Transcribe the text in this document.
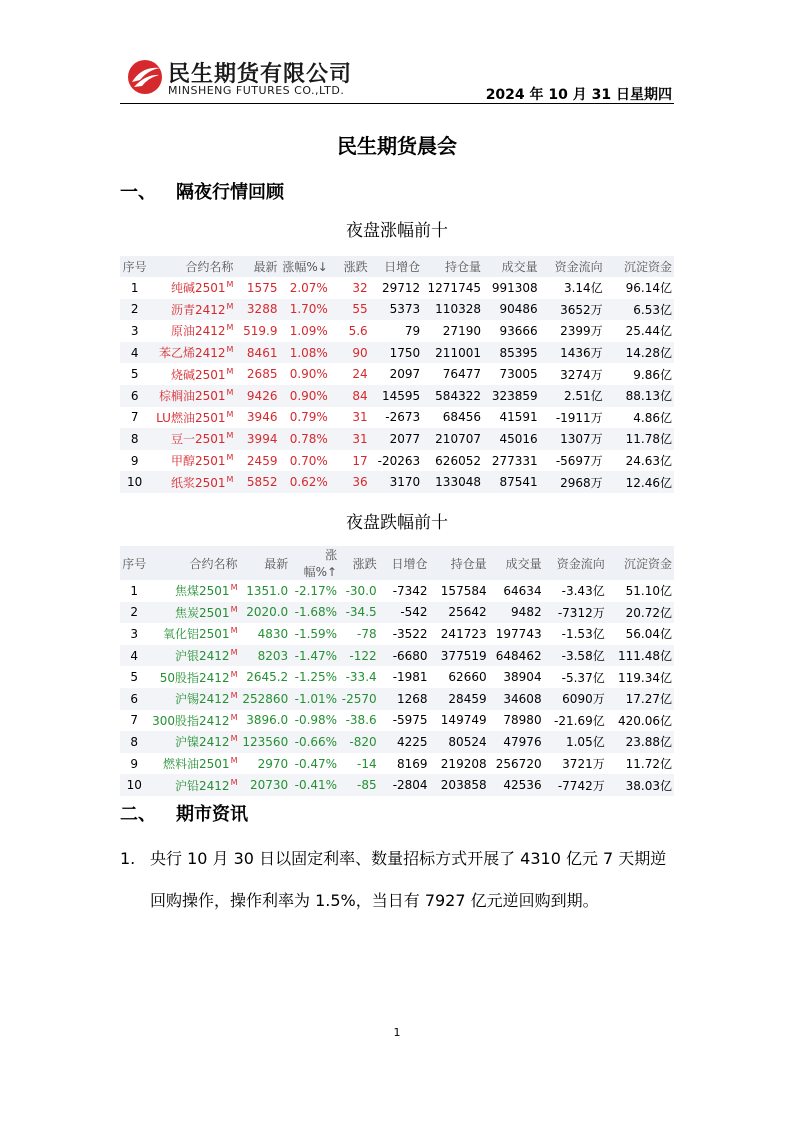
民生期货有限公司
MINSHENG FUTURES CO.,LTD.	2024 年 10 月 31 日星期四
民生期货晨会
一、 隔夜行情回顾
夜盘涨幅前十
序号	合约名称	最新	涨幅%↓	涨跌	日增仓	持仓量	成交量	资金流向	沉淀资金
1	纯碱$2501^M$	1575	2.07%	32	29712	1271745	991308	3.14亿	96.14亿
2	沥青$2412^M$	3288	1.70%	55	5373	110328	90486	3652万	6.53亿
3	原油$2412^M$	519.9	1.09%	5.6	79	27190	93666	2399万	25.44亿
4	苯乙烯$2412^M$	8461	1.08%	90	1750	211001	85395	1436万	14.28亿
5	烧碱$2501^M$	2685	0.90%	24	2097	76477	73005	3274万	9.86亿
6	棕榈油$2501^M$	9426	0.90%	84	14595	584322	323859	2.51亿	88.13亿
7	LU燃油$2501^M$	3946	0.79%	31	-2673	68456	41591	-1911万	4.86亿
8	豆一$2501^M$	3994	0.78%	31	2077	210707	45016	1307万	11.78亿
9	甲醇$2501^M$	2459	0.70%	17	-20263	626052	277331	-5697万	24.63亿
10	纸浆$2501^M$	5852	0.62%	36	3170	133048	87541	2968万	12.46亿
夜盘跌幅前十
序号	合约名称	最新	涨幅%↑	涨跌	日增仓	持仓量	成交量	资金流向	沉淀资金
1	焦煤$2501^M$	1351.0	-2.17%	-30.0	-7342	157584	64634	-3.43亿	51.10亿
2	焦炭$2501^M$	2020.0	-1.68%	-34.5	-542	25642	9482	-7312万	20.72亿
3	氧化铝$2501^M$	4830	-1.59%	-78	-3522	241723	197743	-1.53亿	56.04亿
4	沪银$2412^M$	8203	-1.47%	-122	-6680	377519	648462	-3.58亿	111.48亿
5	50股指$2412^M$	2645.2	-1.25%	-33.4	-1981	62660	38904	-5.37亿	119.34亿
6	沪锡$2412^M$	252860	-1.01%	-2570	1268	28459	34608	6090万	17.27亿
7	300股指$2412^M$	3896.0	-0.98%	-38.6	-5975	149749	78980	-21.69亿	420.06亿
8	沪镍$2412^M$	123560	-0.66%	-820	4225	80524	47976	1.05亿	23.88亿
9	燃料油$2501^M$	2970	-0.47%	-14	8169	219208	256720	3721万	11.72亿
10	沪铅$2412^M$	20730	-0.41%	-85	-2804	203858	42536	-7742万	38.03亿
二、 期市资讯
1. 央行 10 月 30 日以固定利率、数量招标方式开展了 4310 亿元 7 天期逆回购操作，操作利率为 1.5%，当日有 7927 亿元逆回购到期。
1
